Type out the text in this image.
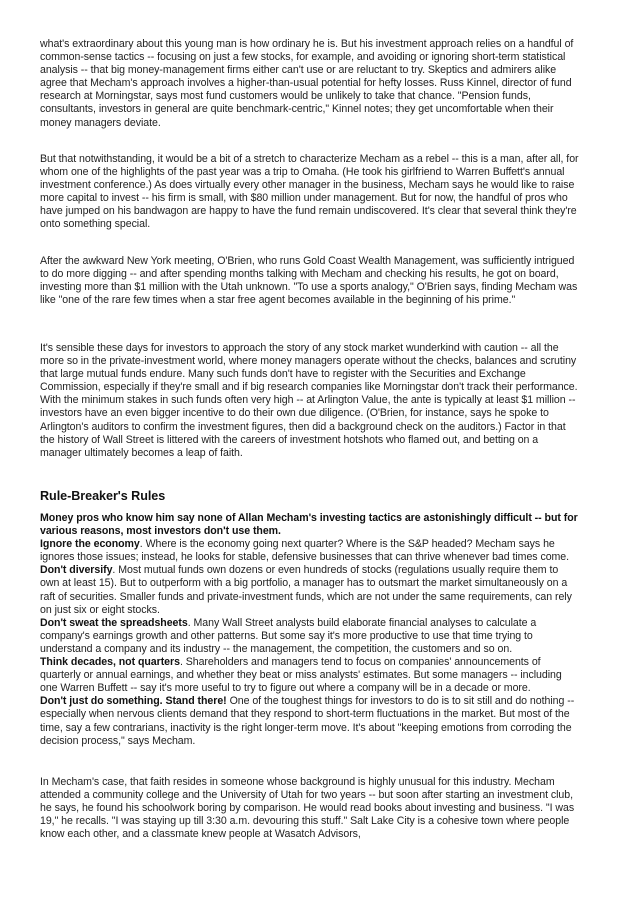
what's extraordinary about this young man is how ordinary he is. But his investment approach relies on a handful of common-sense tactics -- focusing on just a few stocks, for example, and avoiding or ignoring short-term statistical analysis -- that big money-management firms either can't use or are reluctant to try. Skeptics and admirers alike agree that Mecham's approach involves a higher-than-usual potential for hefty losses. Russ Kinnel, director of fund research at Morningstar, says most fund customers would be unlikely to take that chance. "Pension funds, consultants, investors in general are quite benchmark-centric," Kinnel notes; they get uncomfortable when their money managers deviate.

But that notwithstanding, it would be a bit of a stretch to characterize Mecham as a rebel -- this is a man, after all, for whom one of the highlights of the past year was a trip to Omaha. (He took his girlfriend to Warren Buffett's annual investment conference.) As does virtually every other manager in the business, Mecham says he would like to raise more capital to invest -- his firm is small, with $80 million under management. But for now, the handful of pros who have jumped on his bandwagon are happy to have the fund remain undiscovered. It's clear that several think they're onto something special.

After the awkward New York meeting, O'Brien, who runs Gold Coast Wealth Management, was sufficiently intrigued to do more digging -- and after spending months talking with Mecham and checking his results, he got on board, investing more than $1 million with the Utah unknown. "To use a sports analogy," O'Brien says, finding Mecham was like "one of the rare few times when a star free agent becomes available in the beginning of his prime."

It's sensible these days for investors to approach the story of any stock market wunderkind with caution -- all the more so in the private-investment world, where money managers operate without the checks, balances and scrutiny that large mutual funds endure. Many such funds don't have to register with the Securities and Exchange Commission, especially if they're small and if big research companies like Morningstar don't track their performance. With the minimum stakes in such funds often very high -- at Arlington Value, the ante is typically at least $1 million -- investors have an even bigger incentive to do their own due diligence. (O'Brien, for instance, says he spoke to Arlington's auditors to confirm the investment figures, then did a background check on the auditors.) Factor in that the history of Wall Street is littered with the careers of investment hotshots who flamed out, and betting on a manager ultimately becomes a leap of faith.

Rule-Breaker's Rules

Money pros who know him say none of Allan Mecham's investing tactics are astonishingly difficult -- but for various reasons, most investors don't use them.

Ignore the economy. Where is the economy going next quarter? Where is the S&P headed? Mecham says he ignores those issues; instead, he looks for stable, defensive businesses that can thrive whenever bad times come.

Don't diversify. Most mutual funds own dozens or even hundreds of stocks (regulations usually require them to own at least 15). But to outperform with a big portfolio, a manager has to outsmart the market simultaneously on a raft of securities. Smaller funds and private-investment funds, which are not under the same requirements, can rely on just six or eight stocks.

Don't sweat the spreadsheets. Many Wall Street analysts build elaborate financial analyses to calculate a company's earnings growth and other patterns. But some say it's more productive to use that time trying to understand a company and its industry -- the management, the competition, the customers and so on.

Think decades, not quarters. Shareholders and managers tend to focus on companies' announcements of quarterly or annual earnings, and whether they beat or miss analysts' estimates. But some managers -- including one Warren Buffett -- say it's more useful to try to figure out where a company will be in a decade or more.

Don't just do something. Stand there! One of the toughest things for investors to do is to sit still and do nothing -- especially when nervous clients demand that they respond to short-term fluctuations in the market. But most of the time, say a few contrarians, inactivity is the right longer-term move. It's about "keeping emotions from corroding the decision process," says Mecham.

In Mecham's case, that faith resides in someone whose background is highly unusual for this industry. Mecham attended a community college and the University of Utah for two years -- but soon after starting an investment club, he says, he found his schoolwork boring by comparison. He would read books about investing and business. "I was 19," he recalls. "I was staying up till 3:30 a.m. devouring this stuff." Salt Lake City is a cohesive town where people know each other, and a classmate knew people at Wasatch Advisors,
